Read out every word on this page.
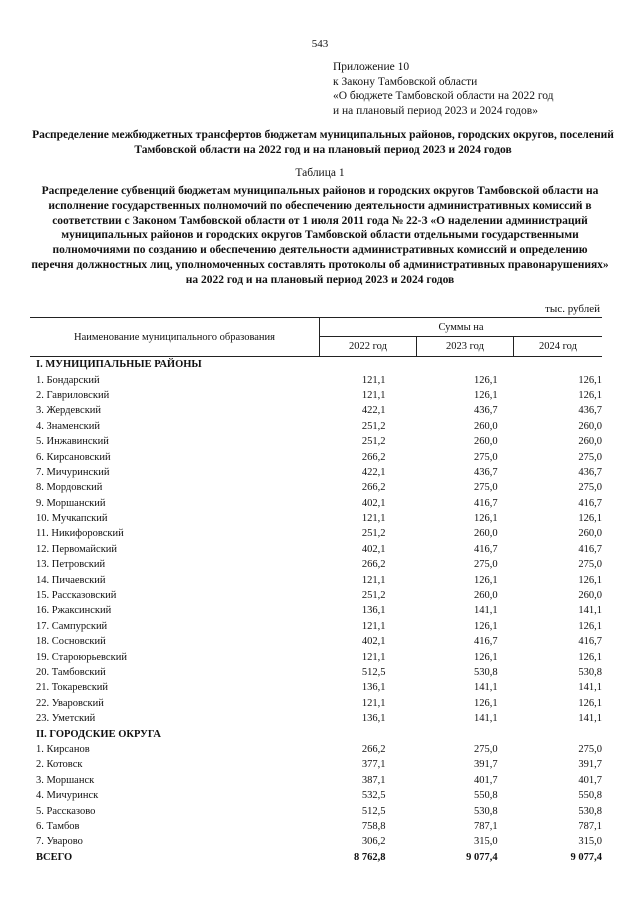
543
Приложение 10
к Закону Тамбовской области
«О бюджете Тамбовской области на 2022 год
и на плановый период 2023 и 2024 годов»
Распределение межбюджетных трансфертов бюджетам муниципальных районов, городских округов, поселений Тамбовской области на 2022 год и на плановый период 2023 и 2024 годов
Таблица 1
Распределение субвенций бюджетам муниципальных районов и городских округов Тамбовской области на исполнение государственных полномочий по обеспечению деятельности административных комиссий в соответствии с Законом Тамбовской области от 1 июля 2011 года № 22-З «О наделении администраций муниципальных районов и городских округов Тамбовской области отдельными государственными полномочиями по созданию и обеспечению деятельности административных комиссий и определению перечня должностных лиц, уполномоченных составлять протоколы об административных правонарушениях» на 2022 год и на плановый период 2023 и 2024 годов
тыс. рублей
Наименование муниципального образования
Суммы на
2022 год	2023 год	2024 год
I. МУНИЦИПАЛЬНЫЕ РАЙОНЫ
1. Бондарский	121,1	126,1	126,1
2. Гавриловский	121,1	126,1	126,1
3. Жердевский	422,1	436,7	436,7
4. Знаменский	251,2	260,0	260,0
5. Инжавинский	251,2	260,0	260,0
6. Кирсановский	266,2	275,0	275,0
7. Мичуринский	422,1	436,7	436,7
8. Мордовский	266,2	275,0	275,0
9. Моршанский	402,1	416,7	416,7
10. Мучкапский	121,1	126,1	126,1
11. Никифоровский	251,2	260,0	260,0
12. Первомайский	402,1	416,7	416,7
13. Петровский	266,2	275,0	275,0
14. Пичаевский	121,1	126,1	126,1
15. Рассказовский	251,2	260,0	260,0
16. Ржаксинский	136,1	141,1	141,1
17. Сампурский	121,1	126,1	126,1
18. Сосновский	402,1	416,7	416,7
19. Староюрьевский	121,1	126,1	126,1
20. Тамбовский	512,5	530,8	530,8
21. Токаревский	136,1	141,1	141,1
22. Уваровский	121,1	126,1	126,1
23. Уметский	136,1	141,1	141,1
II. ГОРОДСКИЕ ОКРУГА
1. Кирсанов	266,2	275,0	275,0
2. Котовск	377,1	391,7	391,7
3. Моршанск	387,1	401,7	401,7
4. Мичуринск	532,5	550,8	550,8
5. Рассказово	512,5	530,8	530,8
6. Тамбов	758,8	787,1	787,1
7. Уварово	306,2	315,0	315,0
ВСЕГО	8 762,8	9 077,4	9 077,4
